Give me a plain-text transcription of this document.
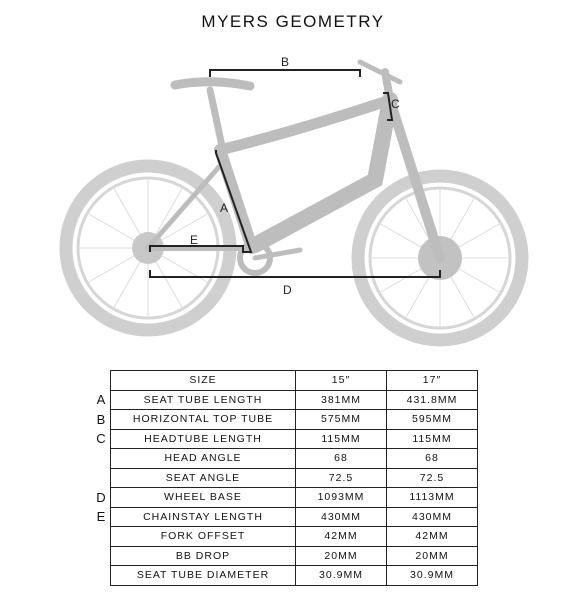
MYERS GEOMETRY
A
B
C
D
E
A
B
C
D
E
SIZE	15″	17″
SEAT TUBE LENGTH	381MM	431.8MM
HORIZONTAL TOP TUBE	575MM	595MM
HEADTUBE LENGTH	115MM	115MM
HEAD ANGLE	68	68
SEAT ANGLE	72.5	72.5
WHEEL BASE	1093MM	1113MM
CHAINSTAY LENGTH	430MM	430MM
FORK OFFSET	42MM	42MM
BB DROP	20MM	20MM
SEAT TUBE DIAMETER	30.9MM	30.9MM
